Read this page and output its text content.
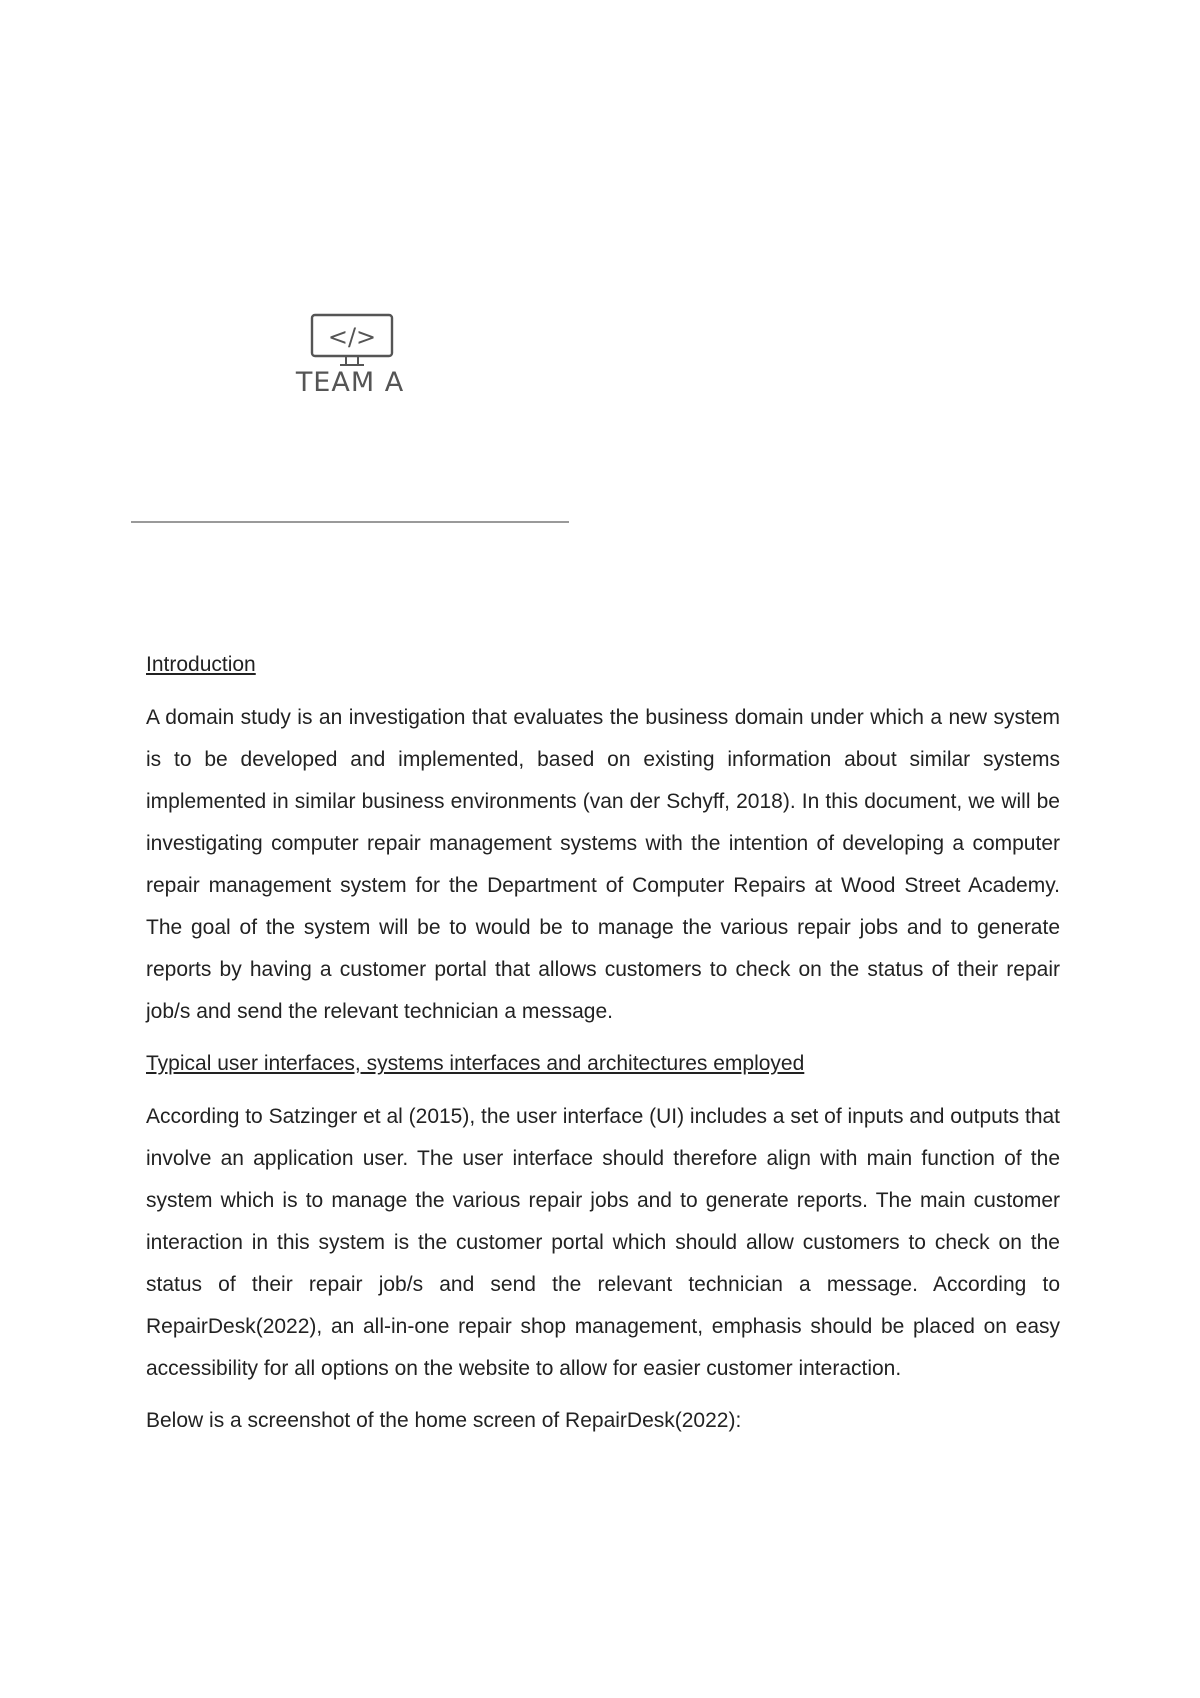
</>
TEAM A

Introduction

A domain study is an investigation that evaluates the business domain under which a new system is to be developed and implemented, based on existing information about similar systems implemented in similar business environments (van der Schyff, 2018). In this document, we will be investigating computer repair management systems with the intention of developing a computer repair management system for the Department of Computer Repairs at Wood Street Academy. The goal of the system will be to would be to manage the various repair jobs and to generate reports by having a customer portal that allows customers to check on the status of their repair job/s and send the relevant technician a message.

Typical user interfaces, systems interfaces and architectures employed

According to Satzinger et al (2015), the user interface (UI) includes a set of inputs and outputs that involve an application user. The user interface should therefore align with main function of the system which is to manage the various repair jobs and to generate reports. The main customer interaction in this system is the customer portal which should allow customers to check on the status of their repair job/s and send the relevant technician a message. According to RepairDesk(2022), an all-in-one repair shop management, emphasis should be placed on easy accessibility for all options on the website to allow for easier customer interaction.

Below is a screenshot of the home screen of RepairDesk(2022):
